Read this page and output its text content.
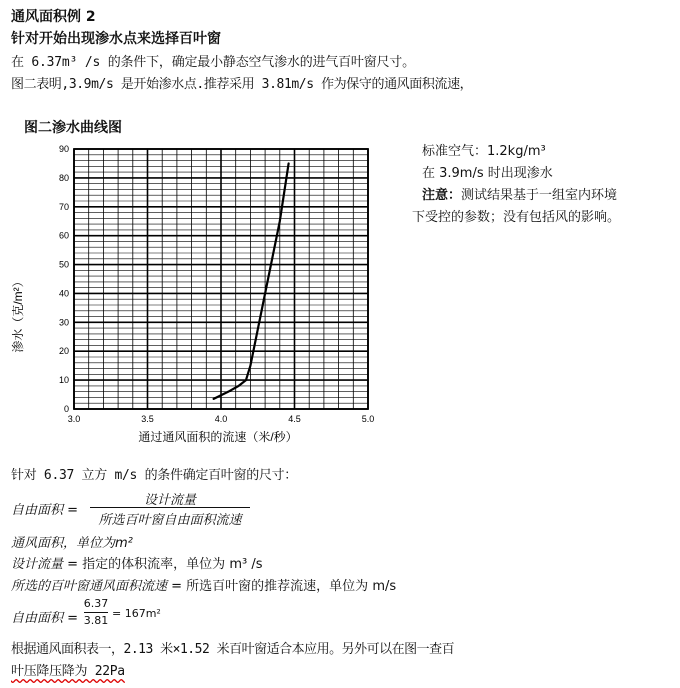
通风面积例 2
针对开始出现渗水点来选择百叶窗
在 6.37m³ /s 的条件下，确定最小静态空气渗水的进气百叶窗尺寸。
图二表明,3.9m/s 是开始渗水点.推荐采用 3.81m/s 作为保守的通风面积流速，
图二渗水曲线图
3.0	3.5	4.0	4.5	5.0
0
10
20
30
40
50
60
70
80
90
通过通风面积的流速（米/秒）
渗水（克/m²）
标准空气：1.2kg/m³
在 3.9m/s 时出现渗水
注意：测试结果基于一组室内环境
下受控的参数；没有包括风的影响。
针对 6.37 立方 m/s 的条件确定百叶窗的尺寸：
自由面积 =
设计流量
所选百叶窗自由面积流速
通风面积，单位为m²
设计流量 = 指定的体积流率，单位为 m³ /s
所选的百叶窗通风面积流速 = 所选百叶窗的推荐流速，单位为 m/s
自由面积 =
6.37
3.81
= 167m²
根据通风面积表一，2.13 米×1.52 米百叶窗适合本应用。另外可以在图一查百
叶压降压降为 22Pa
